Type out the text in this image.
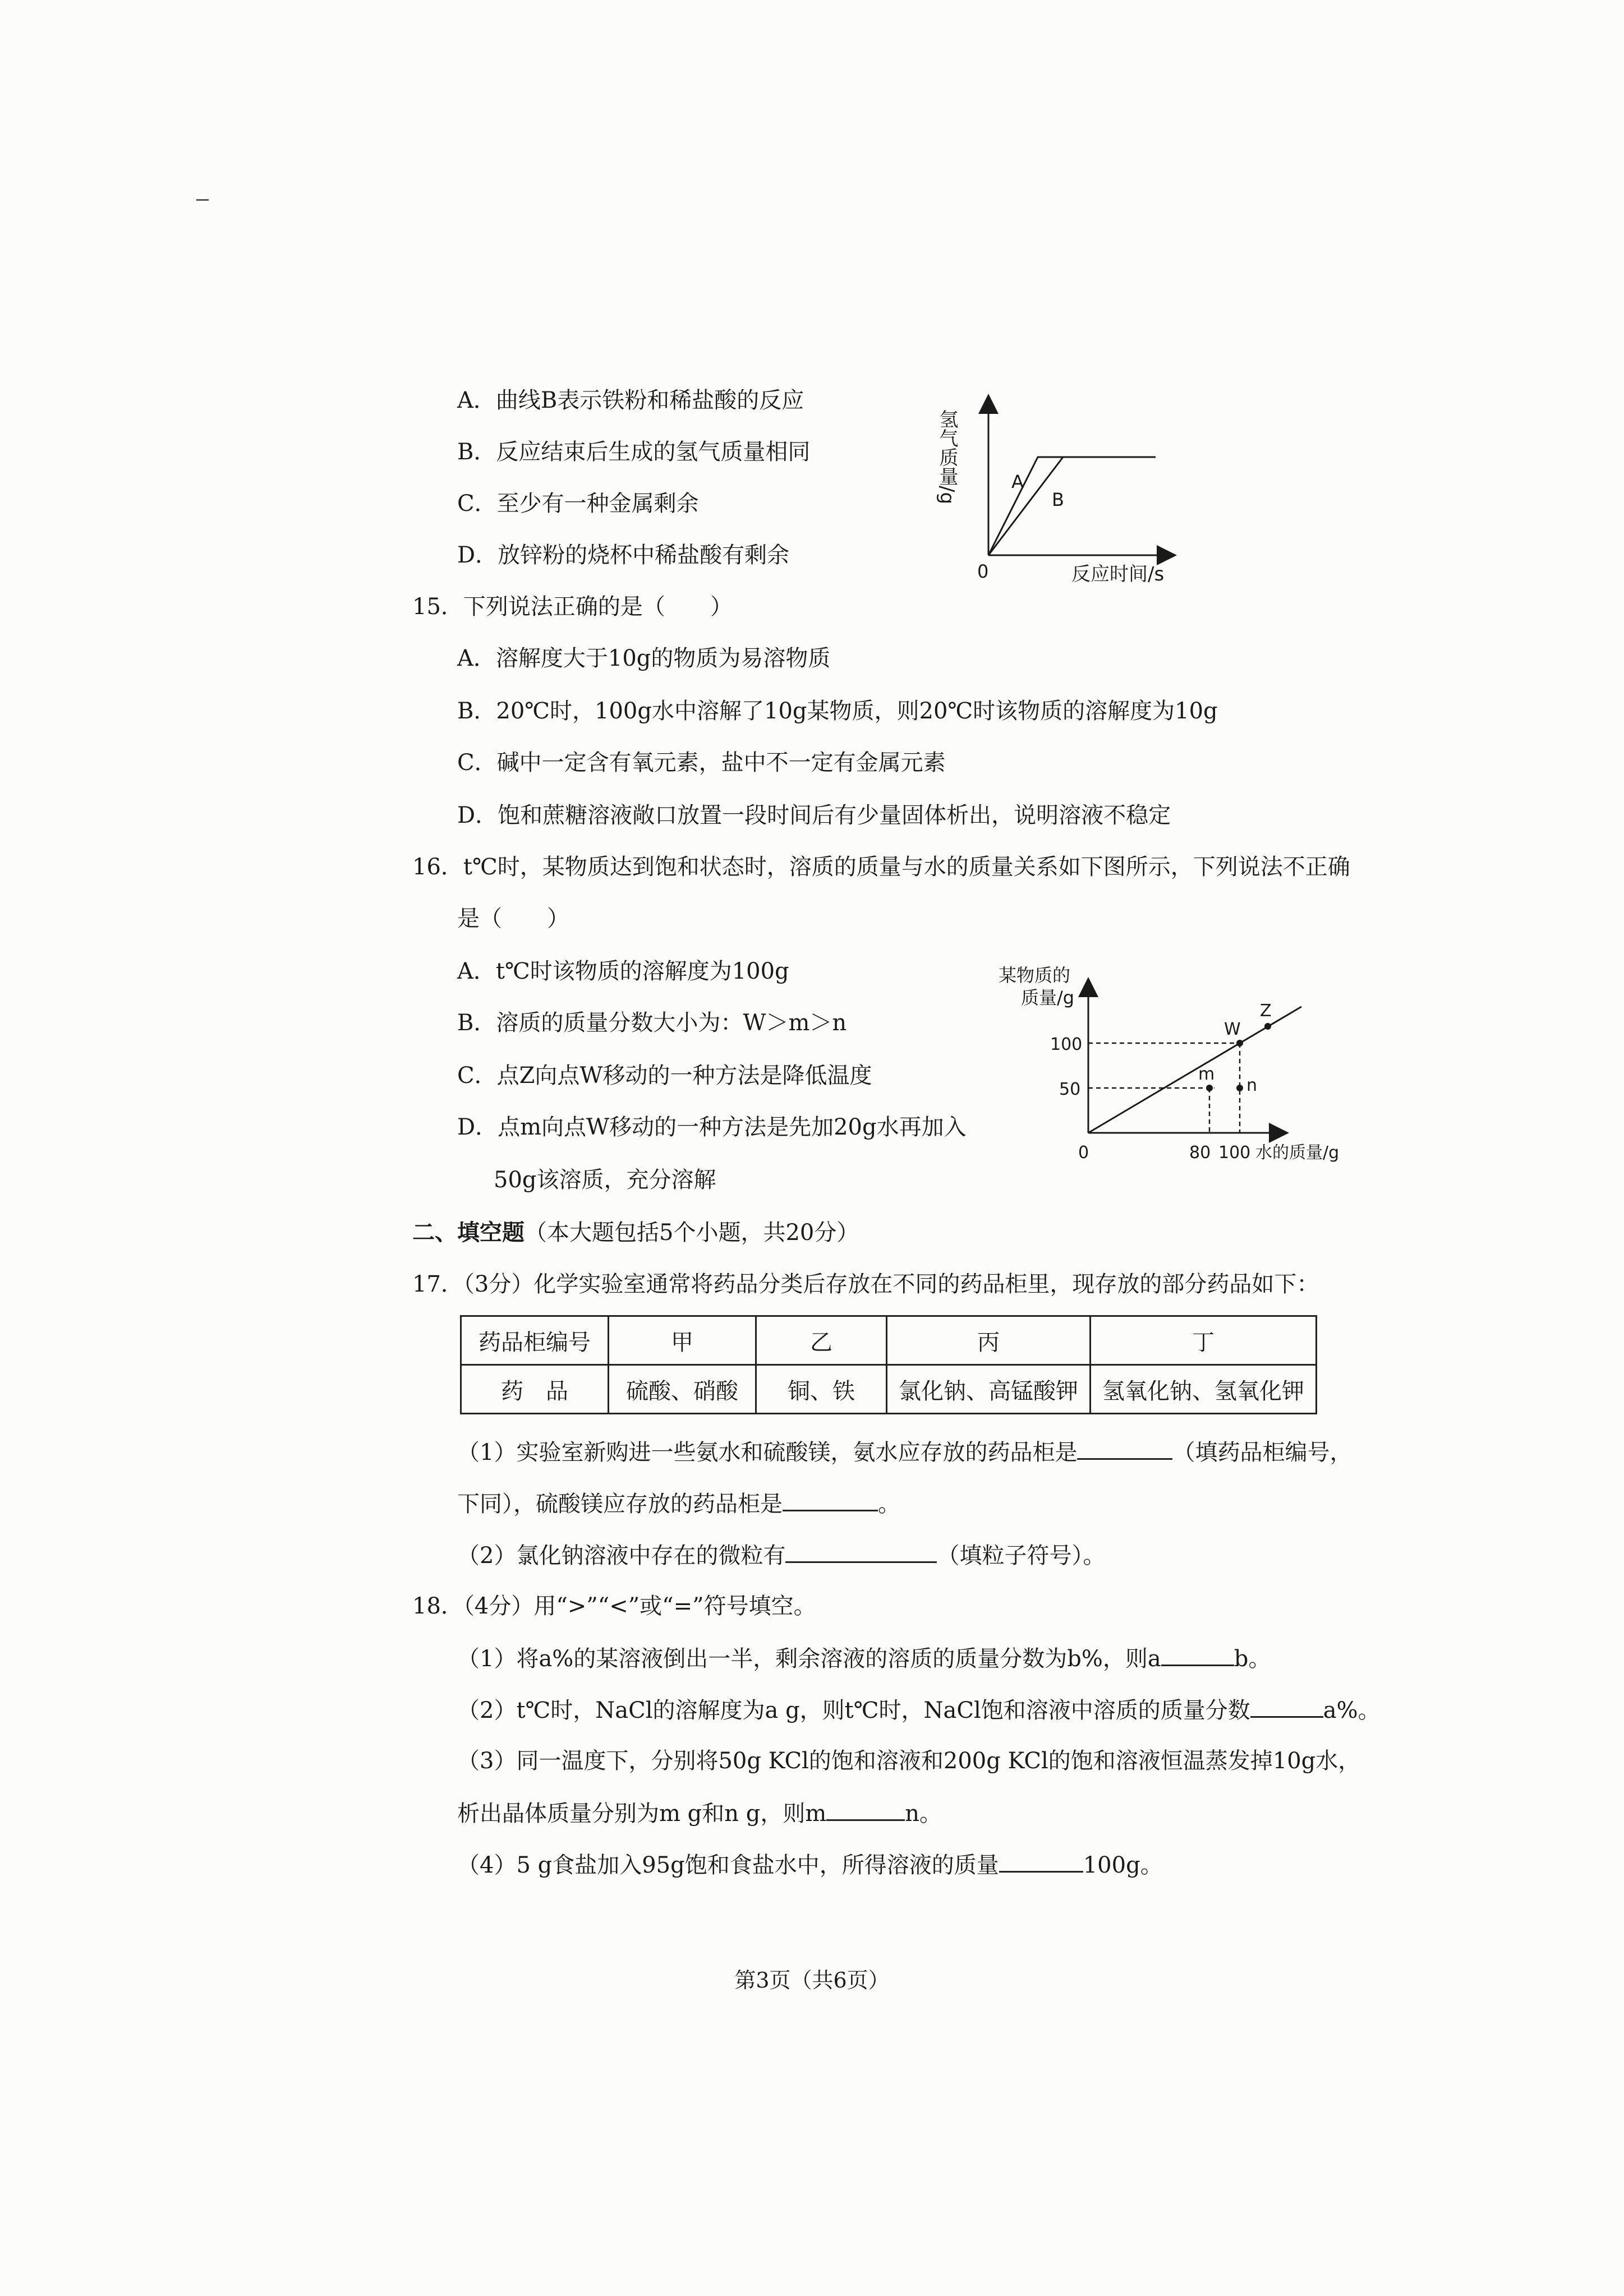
A．曲线B表示铁粉和稀盐酸的反应
B．反应结束后生成的氢气质量相同
C．至少有一种金属剩余
D．放锌粉的烧杯中稀盐酸有剩余
氢气质量/g	A
B
0	反应时间/s
15．下列说法正确的是（　　）
A．溶解度大于10g的物质为易溶物质
B．20℃时，100g水中溶解了10g某物质，则20℃时该物质的溶解度为10g
C．碱中一定含有氧元素，盐中不一定有金属元素
D．饱和蔗糖溶液敞口放置一段时间后有少量固体析出，说明溶液不稳定
16．t℃时，某物质达到饱和状态时，溶质的质量与水的质量关系如下图所示，下列说法不正确
是（　　）
A．t℃时该物质的溶解度为100g
B．溶质的质量分数大小为：W＞m＞n
C．点Z向点W移动的一种方法是降低温度
D．点m向点W移动的一种方法是先加20g水再加入
50g该溶质，充分溶解
某物质的
质量/g
100
50
0	80 100 水的质量/g
W
Z
m
n
二、填空题（本大题包括5个小题，共20分）
17．（3分）化学实验室通常将药品分类后存放在不同的药品柜里，现存放的部分药品如下：
药品柜编号	甲	乙	丙	丁
药　品	硫酸、硝酸	铜、铁	氯化钠、高锰酸钾	氢氧化钠、氢氧化钾
（1）实验室新购进一些氨水和硫酸镁，氨水应存放的药品柜是	（填药品柜编号，
下同），硫酸镁应存放的药品柜是	。
（2）氯化钠溶液中存在的微粒有	（填粒子符号）。
18．（4分）用“>”“<”或“=”符号填空。
（1）将a%的某溶液倒出一半，剩余溶液的溶质的质量分数为b%，则a	b。
（2）t℃时，NaCl的溶解度为a g，则t℃时，NaCl饱和溶液中溶质的质量分数	a%。
（3）同一温度下，分别将50g KCl的饱和溶液和200g KCl的饱和溶液恒温蒸发掉10g水，
析出晶体质量分别为m g和n g，则m	n。
（4）5 g食盐加入95g饱和食盐水中，所得溶液的质量	100g。
第3页（共6页）
